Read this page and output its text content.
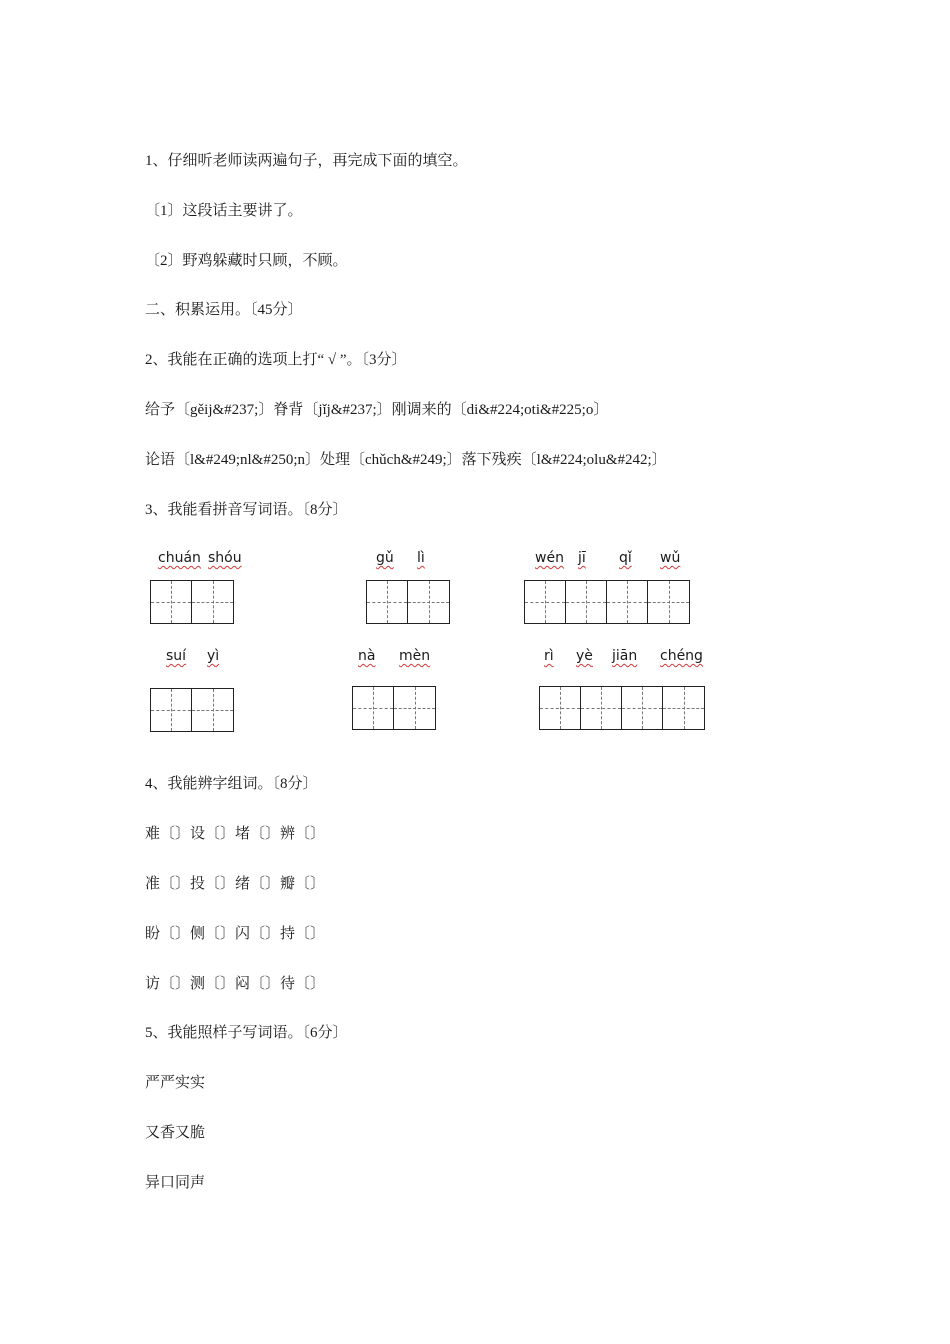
1、仔细听老师读两遍句子，再完成下面的填空。
〔1〕这段话主要讲了。
〔2〕野鸡躲藏时只顾，不顾。
二、积累运用。〔45分〕
2、我能在正确的选项上打“ √ ”。〔3分〕
给予〔gěij&#237;〕脊背〔jǐj&#237;〕刚调来的〔di&#224;oti&#225;o〕
论语〔l&#249;nl&#250;n〕处理〔chǔch&#249;〕落下残疾〔l&#224;olu&#242;〕
3、我能看拼音写词语。〔8分〕
chuán shóu	gǔ lì	wén jī qǐ wǔ
suí yì	nà mèn	rì yè jiān chéng
4、我能辨字组词。〔8分〕
难〔〕设〔〕堵〔〕辨〔〕
准〔〕投〔〕绪〔〕瓣〔〕
盼〔〕侧〔〕闪〔〕持〔〕
访〔〕测〔〕闷〔〕待〔〕
5、我能照样子写词语。〔6分〕
严严实实
又香又脆
异口同声
